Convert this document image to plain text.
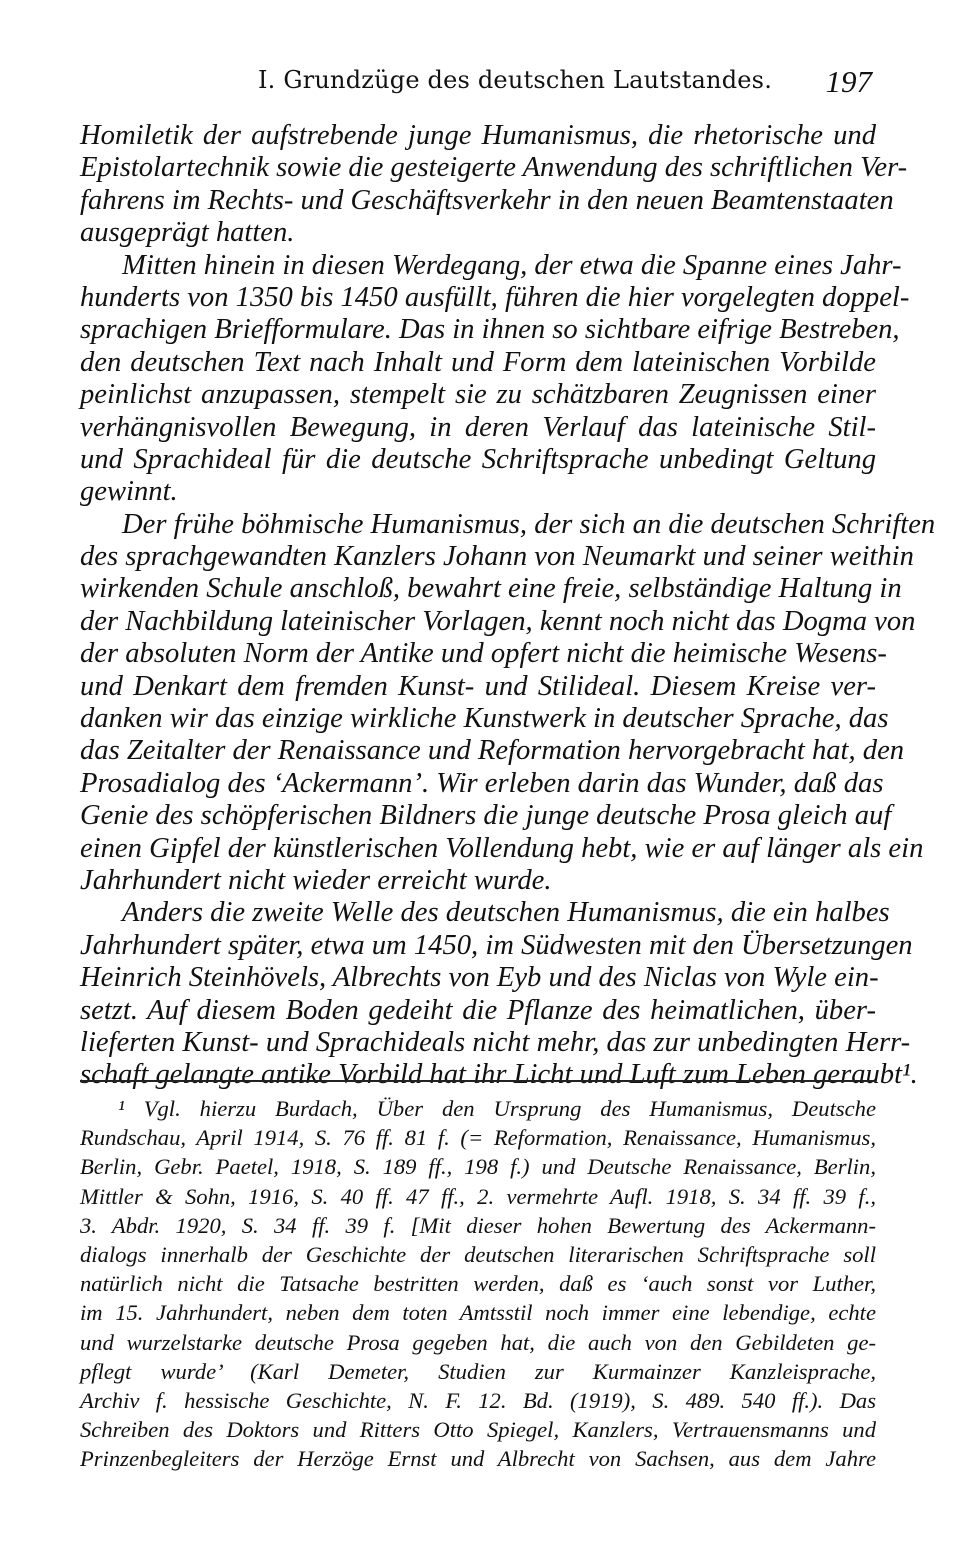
I. Grundzüge des deutschen Lautstandes. 197
Homiletik der aufstrebende junge Humanismus, die rhetorische und
Epistolartechnik sowie die gesteigerte Anwendung des schriftlichen Ver-
fahrens im Rechts- und Geschäftsverkehr in den neuen Beamtenstaaten
ausgeprägt hatten.
Mitten hinein in diesen Werdegang, der etwa die Spanne eines Jahr-
hunderts von 1350 bis 1450 ausfüllt, führen die hier vorgelegten doppel-
sprachigen Briefformulare. Das in ihnen so sichtbare eifrige Bestreben,
den deutschen Text nach Inhalt und Form dem lateinischen Vorbilde
peinlichst anzupassen, stempelt sie zu schätzbaren Zeugnissen einer
verhängnisvollen Bewegung, in deren Verlauf das lateinische Stil-
und Sprachideal für die deutsche Schriftsprache unbedingt Geltung
gewinnt.
Der frühe böhmische Humanismus, der sich an die deutschen Schriften
des sprachgewandten Kanzlers Johann von Neumarkt und seiner weithin
wirkenden Schule anschloß, bewahrt eine freie, selbständige Haltung in
der Nachbildung lateinischer Vorlagen, kennt noch nicht das Dogma von
der absoluten Norm der Antike und opfert nicht die heimische Wesens-
und Denkart dem fremden Kunst- und Stilideal. Diesem Kreise ver-
danken wir das einzige wirkliche Kunstwerk in deutscher Sprache, das
das Zeitalter der Renaissance und Reformation hervorgebracht hat, den
Prosadialog des ‘Ackermann’. Wir erleben darin das Wunder, daß das
Genie des schöpferischen Bildners die junge deutsche Prosa gleich auf
einen Gipfel der künstlerischen Vollendung hebt, wie er auf länger als ein
Jahrhundert nicht wieder erreicht wurde.
Anders die zweite Welle des deutschen Humanismus, die ein halbes
Jahrhundert später, etwa um 1450, im Südwesten mit den Übersetzungen
Heinrich Steinhövels, Albrechts von Eyb und des Niclas von Wyle ein-
setzt. Auf diesem Boden gedeiht die Pflanze des heimatlichen, über-
lieferten Kunst- und Sprachideals nicht mehr, das zur unbedingten Herr-
schaft gelangte antike Vorbild hat ihr Licht und Luft zum Leben geraubt¹.
¹ Vgl. hierzu Burdach, Über den Ursprung des Humanismus, Deutsche
Rundschau, April 1914, S. 76 ff. 81 f. (= Reformation, Renaissance, Humanismus,
Berlin, Gebr. Paetel, 1918, S. 189 ff., 198 f.) und Deutsche Renaissance, Berlin,
Mittler & Sohn, 1916, S. 40 ff. 47 ff., 2. vermehrte Aufl. 1918, S. 34 ff. 39 f.,
3. Abdr. 1920, S. 34 ff. 39 f. [Mit dieser hohen Bewertung des Ackermann-
dialogs innerhalb der Geschichte der deutschen literarischen Schriftsprache soll
natürlich nicht die Tatsache bestritten werden, daß es ‘auch sonst vor Luther,
im 15. Jahrhundert, neben dem toten Amtsstil noch immer eine lebendige, echte
und wurzelstarke deutsche Prosa gegeben hat, die auch von den Gebildeten ge-
pflegt wurde’ (Karl Demeter, Studien zur Kurmainzer Kanzleisprache,
Archiv f. hessische Geschichte, N. F. 12. Bd. (1919), S. 489. 540 ff.). Das
Schreiben des Doktors und Ritters Otto Spiegel, Kanzlers, Vertrauensmanns und
Prinzenbegleiters der Herzöge Ernst und Albrecht von Sachsen, aus dem Jahre
